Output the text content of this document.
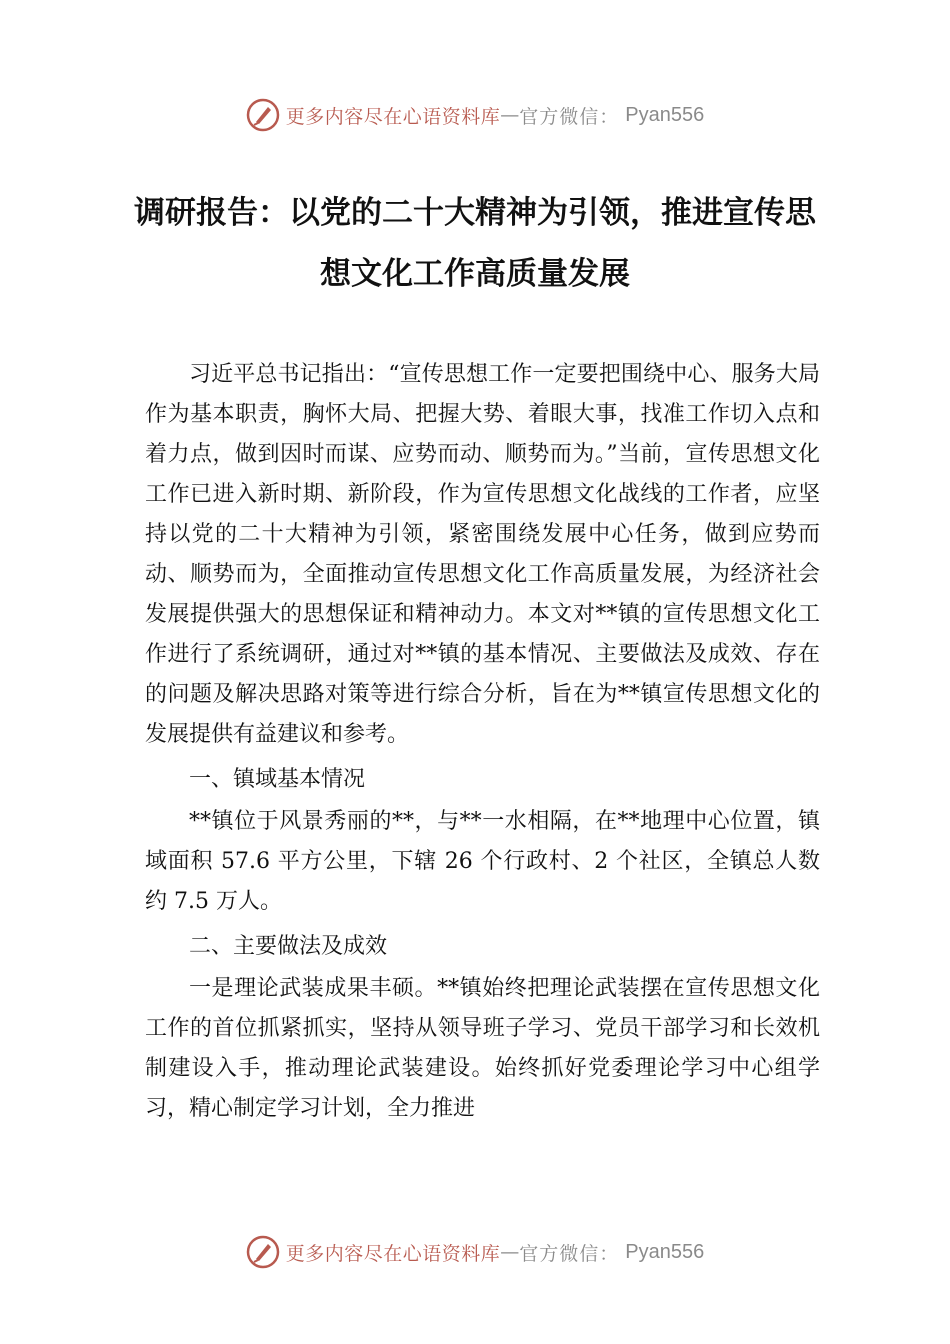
更多内容尽在心语资料库 — 官方微信： Pyan556
调研报告：以党的二十大精神为引领，推进宣传思想文化工作高质量发展

习近平总书记指出：“宣传思想工作一定要把围绕中心、服务大局作为基本职责，胸怀大局、把握大势、着眼大事，找准工作切入点和着力点，做到因时而谋、应势而动、顺势而为。”当前，宣传思想文化工作已进入新时期、新阶段，作为宣传思想文化战线的工作者，应坚持以党的二十大精神为引领，紧密围绕发展中心任务，做到应势而动、顺势而为，全面推动宣传思想文化工作高质量发展，为经济社会发展提供强大的思想保证和精神动力。本文对**镇的宣传思想文化工作进行了系统调研，通过对**镇的基本情况、主要做法及成效、存在的问题及解决思路对策等进行综合分析，旨在为**镇宣传思想文化的发展提供有益建议和参考。

一、镇域基本情况

**镇位于风景秀丽的**，与**一水相隔，在**地理中心位置，镇域面积 57.6 平方公里，下辖 26 个行政村、2 个社区，全镇总人数约 7.5 万人。

二、主要做法及成效

一是理论武装成果丰硕。**镇始终把理论武装摆在宣传思想文化工作的首位抓紧抓实，坚持从领导班子学习、党员干部学习和长效机制建设入手，推动理论武装建设。始终抓好党委理论学习中心组学习，精心制定学习计划，全力推进

更多内容尽在心语资料库 — 官方微信： Pyan556
